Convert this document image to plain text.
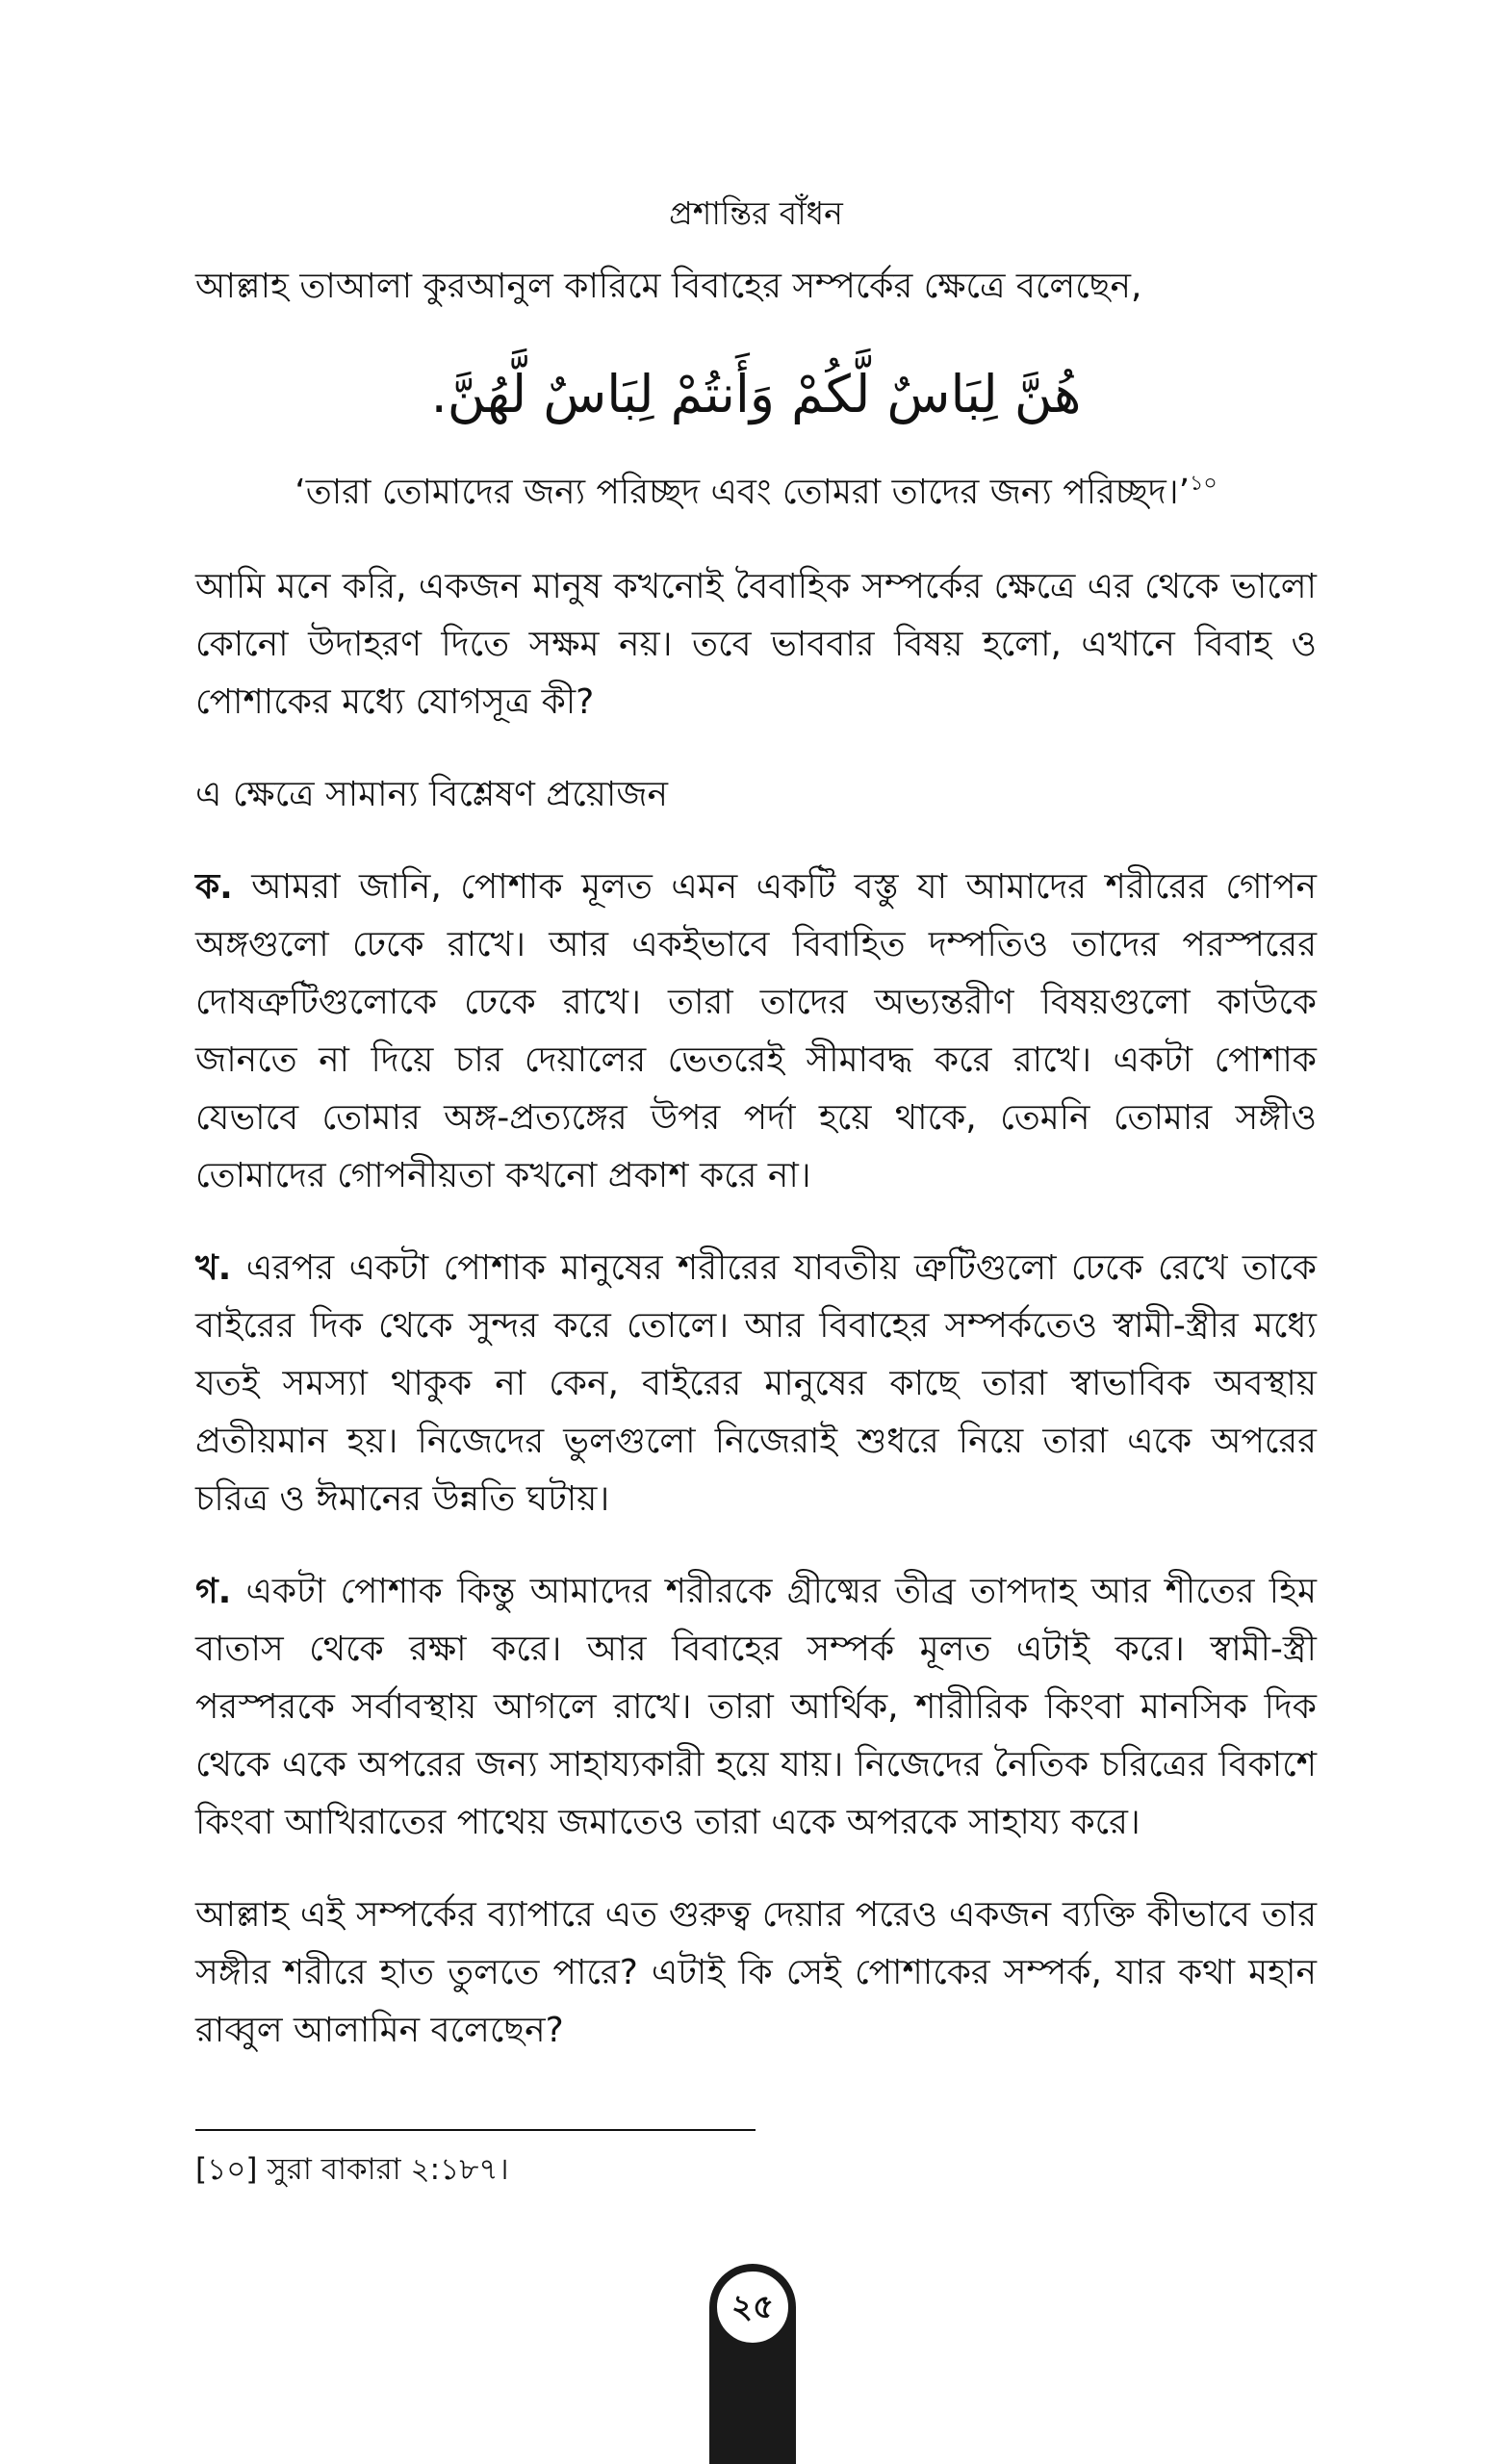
প্রশান্তির বাঁধন

আল্লাহ তাআলা কুরআনুল কারিমে বিবাহের সম্পর্কের ক্ষেত্রে বলেছেন,

هُنَّ لِبَاسٌ لَّكُمْ وَأَنتُمْ لِبَاسٌ لَّهُنَّ.

‘তারা তোমাদের জন্য পরিচ্ছদ এবং তোমরা তাদের জন্য পরিচ্ছদ।’$^{১০}$

আমি মনে করি, একজন মানুষ কখনোই বৈবাহিক সম্পর্কের ক্ষেত্রে এর থেকে ভালো কোনো উদাহরণ দিতে সক্ষম নয়। তবে ভাববার বিষয় হলো, এখানে বিবাহ ও পোশাকের মধ্যে যোগসূত্র কী?

এ ক্ষেত্রে সামান্য বিশ্লেষণ প্রয়োজন

ক. আমরা জানি, পোশাক মূলত এমন একটি বস্তু যা আমাদের শরীরের গোপন অঙ্গগুলো ঢেকে রাখে। আর একইভাবে বিবাহিত দম্পতিও তাদের পরস্পরের দোষত্রুটিগুলোকে ঢেকে রাখে। তারা তাদের অভ্যন্তরীণ বিষয়গুলো কাউকে জানতে না দিয়ে চার দেয়ালের ভেতরেই সীমাবদ্ধ করে রাখে। একটা পোশাক যেভাবে তোমার অঙ্গ-প্রত্যঙ্গের উপর পর্দা হয়ে থাকে, তেমনি তোমার সঙ্গীও তোমাদের গোপনীয়তা কখনো প্রকাশ করে না।

খ. এরপর একটা পোশাক মানুষের শরীরের যাবতীয় ত্রুটিগুলো ঢেকে রেখে তাকে বাইরের দিক থেকে সুন্দর করে তোলে। আর বিবাহের সম্পর্কতেও স্বামী-স্ত্রীর মধ্যে যতই সমস্যা থাকুক না কেন, বাইরের মানুষের কাছে তারা স্বাভাবিক অবস্থায় প্রতীয়মান হয়। নিজেদের ভুলগুলো নিজেরাই শুধরে নিয়ে তারা একে অপরের চরিত্র ও ঈমানের উন্নতি ঘটায়।

গ. একটা পোশাক কিন্তু আমাদের শরীরকে গ্রীষ্মের তীব্র তাপদাহ আর শীতের হিম বাতাস থেকে রক্ষা করে। আর বিবাহের সম্পর্ক মূলত এটাই করে। স্বামী-স্ত্রী পরস্পরকে সর্বাবস্থায় আগলে রাখে। তারা আর্থিক, শারীরিক কিংবা মানসিক দিক থেকে একে অপরের জন্য সাহায্যকারী হয়ে যায়। নিজেদের নৈতিক চরিত্রের বিকাশে কিংবা আখিরাতের পাথেয় জমাতেও তারা একে অপরকে সাহায্য করে।

আল্লাহ এই সম্পর্কের ব্যাপারে এত গুরুত্ব দেয়ার পরেও একজন ব্যক্তি কীভাবে তার সঙ্গীর শরীরে হাত তুলতে পারে? এটাই কি সেই পোশাকের সম্পর্ক, যার কথা মহান রাব্বুল আলামিন বলেছেন?

[১০] সুরা বাকারা ২:১৮৭।
২৫
